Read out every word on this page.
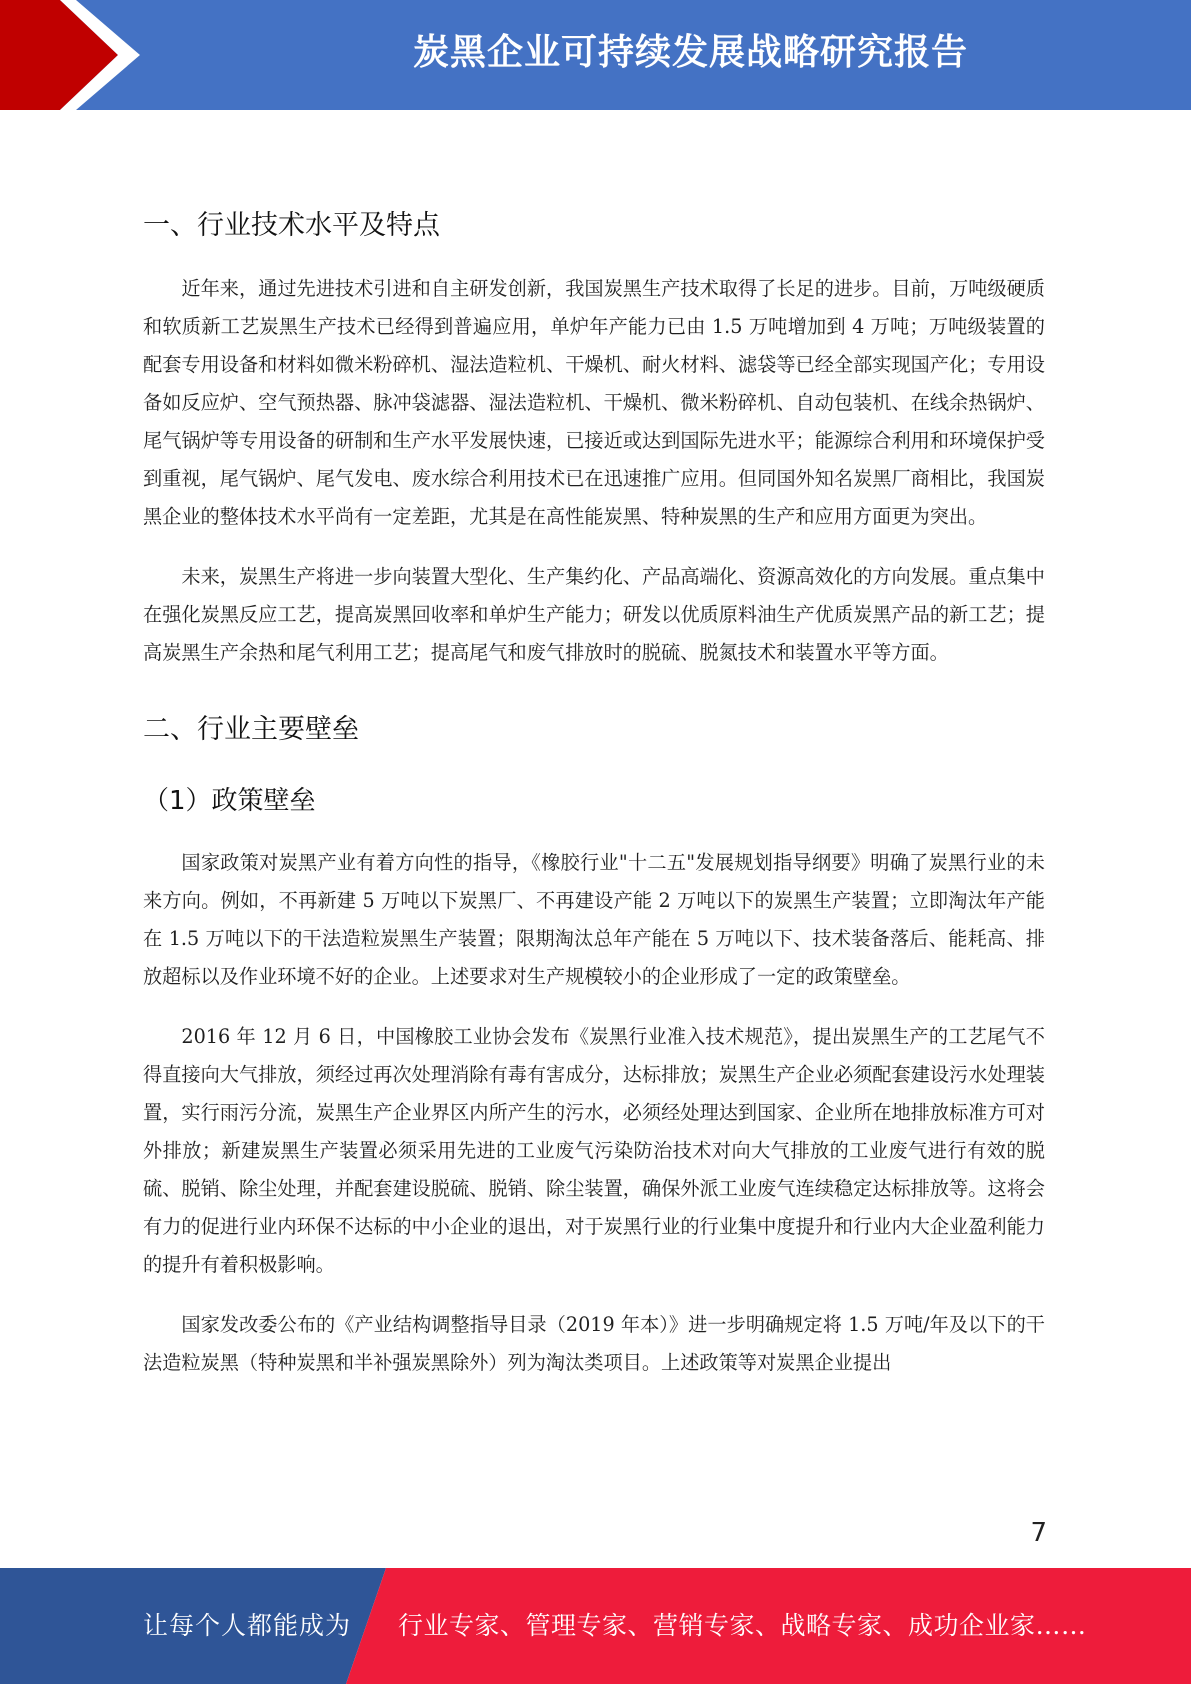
炭黑企业可持续发展战略研究报告
一、行业技术水平及特点

近年来，通过先进技术引进和自主研发创新，我国炭黑生产技术取得了长足的进步。目前，万吨级硬质和软质新工艺炭黑生产技术已经得到普遍应用，单炉年产能力已由 1.5 万吨增加到 4 万吨；万吨级装置的配套专用设备和材料如微米粉碎机、湿法造粒机、干燥机、耐火材料、滤袋等已经全部实现国产化；专用设备如反应炉、空气预热器、脉冲袋滤器、湿法造粒机、干燥机、微米粉碎机、自动包装机、在线余热锅炉、尾气锅炉等专用设备的研制和生产水平发展快速，已接近或达到国际先进水平；能源综合利用和环境保护受到重视，尾气锅炉、尾气发电、废水综合利用技术已在迅速推广应用。但同国外知名炭黑厂商相比，我国炭黑企业的整体技术水平尚有一定差距，尤其是在高性能炭黑、特种炭黑的生产和应用方面更为突出。

未来，炭黑生产将进一步向装置大型化、生产集约化、产品高端化、资源高效化的方向发展。重点集中在强化炭黑反应工艺，提高炭黑回收率和单炉生产能力；研发以优质原料油生产优质炭黑产品的新工艺；提高炭黑生产余热和尾气利用工艺；提高尾气和废气排放时的脱硫、脱氮技术和装置水平等方面。

二、行业主要壁垒
（1）政策壁垒

国家政策对炭黑产业有着方向性的指导，《橡胶行业"十二五"发展规划指导纲要》明确了炭黑行业的未来方向。例如，不再新建 5 万吨以下炭黑厂、不再建设产能 2 万吨以下的炭黑生产装置；立即淘汰年产能在 1.5 万吨以下的干法造粒炭黑生产装置；限期淘汰总年产能在 5 万吨以下、技术装备落后、能耗高、排放超标以及作业环境不好的企业。上述要求对生产规模较小的企业形成了一定的政策壁垒。

2016 年 12 月 6 日，中国橡胶工业协会发布《炭黑行业准入技术规范》，提出炭黑生产的工艺尾气不得直接向大气排放，须经过再次处理消除有毒有害成分，达标排放；炭黑生产企业必须配套建设污水处理装置，实行雨污分流，炭黑生产企业界区内所产生的污水，必须经处理达到国家、企业所在地排放标准方可对外排放；新建炭黑生产装置必须采用先进的工业废气污染防治技术对向大气排放的工业废气进行有效的脱硫、脱销、除尘处理，并配套建设脱硫、脱销、除尘装置，确保外派工业废气连续稳定达标排放等。这将会有力的促进行业内环保不达标的中小企业的退出，对于炭黑行业的行业集中度提升和行业内大企业盈利能力的提升有着积极影响。

国家发改委公布的《产业结构调整指导目录（2019 年本）》进一步明确规定将 1.5 万吨/年及以下的干法造粒炭黑（特种炭黑和半补强炭黑除外）列为淘汰类项目。上述政策等对炭黑企业提出

7
让每个人都能成为 行业专家、管理专家、营销专家、战略专家、成功企业家……
